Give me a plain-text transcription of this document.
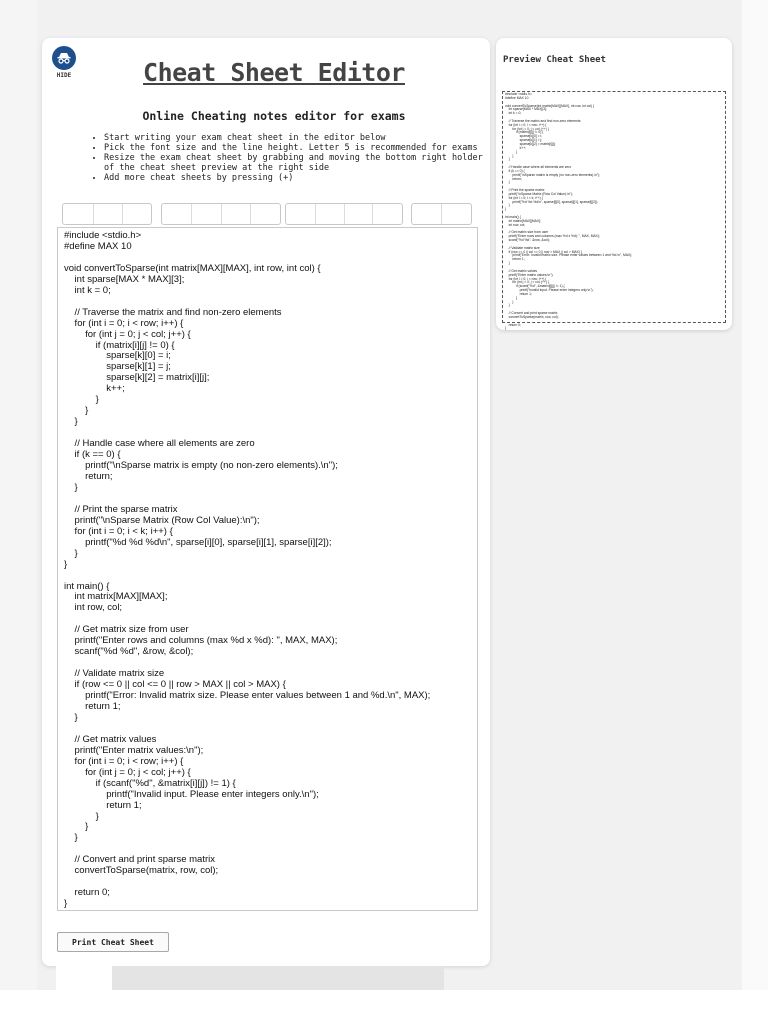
HIDE	Cheat Sheet Editor
Online Cheating notes editor for exams
• Start writing your exam cheat sheet in the editor below
• Pick the font size and the line height. Letter 5 is recommended for exams
• Resize the exam cheat sheet by grabbing and moving the bottom right holder of the cheat sheet preview at the right side
• Add more cheat sheets by pressing (+)
#include <stdio.h>
#define MAX 10

void convertToSparse(int matrix[MAX][MAX], int row, int col) {
int sparse[MAX * MAX][3];
int k = 0;

// Traverse the matrix and find non-zero elements
for (int i = 0; i < row; i++) {
for (int j = 0; j < col; j++) {
if (matrix[i][j] != 0) {
sparse[k][0] = i;
sparse[k][1] = j;
sparse[k][2] = matrix[i][j];
k++;
}
}
}

// Handle case where all elements are zero
if (k == 0) {
printf("\nSparse matrix is empty (no non-zero elements).\n");
return;
}

// Print the sparse matrix
printf("\nSparse Matrix (Row Col Value):\n");
for (int i = 0; i < k; i++) {
printf("%d %d %d\n", sparse[i][0], sparse[i][1], sparse[i][2]);
}
}

int main() {
int matrix[MAX][MAX];
int row, col;

// Get matrix size from user
printf("Enter rows and columns (max %d x %d): ", MAX, MAX);
scanf("%d %d", &row, &col);

// Validate matrix size
if (row <= 0 || col <= 0 || row > MAX || col > MAX) {
printf("Error: Invalid matrix size. Please enter values between 1 and %d.\n", MAX);
return 1;
}

// Get matrix values
printf("Enter matrix values:\n");
for (int i = 0; i < row; i++) {
for (int j = 0; j < col; j++) {
if (scanf("%d", &matrix[i][j]) != 1) {
printf("Invalid input. Please enter integers only.\n");
return 1;
}
}
}

// Convert and print sparse matrix
convertToSparse(matrix, row, col);

return 0;
}
Print Cheat Sheet
Preview Cheat Sheet
#include <stdio.h>
#define MAX 10

void convertToSparse(int matrix[MAX][MAX], int row, int col) {
int sparse[MAX * MAX][3];
int k = 0;

// Traverse the matrix and find non-zero elements
for (int i = 0; i < row; i++) {
for (int j = 0; j < col; j++) {
if (matrix[i][j] != 0) {
sparse[k][0] = i;
sparse[k][1] = j;
sparse[k][2] = matrix[i][j];
k++;
}
}
}

// Handle case where all elements are zero
if (k == 0) {
printf("\nSparse matrix is empty (no non-zero elements).\n");
return;
}

// Print the sparse matrix
printf("\nSparse Matrix (Row Col Value):\n");
for (int i = 0; i < k; i++) {
printf("%d %d %d\n", sparse[i][0], sparse[i][1], sparse[i][2]);
}
}

int main() {
int matrix[MAX][MAX];
int row, col;

// Get matrix size from user
printf("Enter rows and columns (max %d x %d): ", MAX, MAX);
scanf("%d %d", &row, &col);

// Validate matrix size
if (row <= 0 || col <= 0 || row > MAX || col > MAX) {
printf("Error: Invalid matrix size. Please enter values between 1 and %d.\n", MAX);
return 1;
}

// Get matrix values
printf("Enter matrix values:\n");
for (int i = 0; i < row; i++) {
for (int j = 0; j < col; j++) {
if (scanf("%d", &matrix[i][j]) != 1) {
printf("Invalid input. Please enter integers only.\n");
return 1;
}
}
}

// Convert and print sparse matrix
convertToSparse(matrix, row, col);

return 0;
}
